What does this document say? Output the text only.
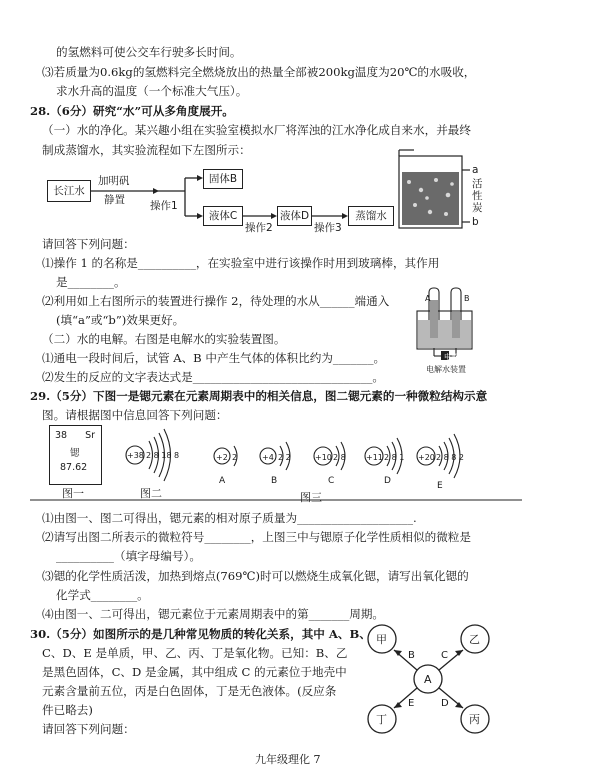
的氢燃料可使公交车行驶多长时间。
⑶若质量为0.6kg的氢燃料完全燃烧放出的热量全部被200kg温度为20℃的水吸收，
求水升高的温度（一个标准大气压）。
28.（6分）研究“水”可从多角度展开。
（一）水的净化。某兴趣小组在实验室模拟水厂将浑浊的江水净化成自来水，并最终
制成蒸馏水，其实验流程如下左图所示：
长江水
加明矾
静置 操作1
固体B
液体C
操作2
液体D
操作3
蒸馏水
a
活
性
炭
b
请回答下列问题：
⑴操作 1 的名称是__________，在实验室中进行该操作时用到玻璃棒，其作用
是________。
⑵利用如上右图所示的装置进行操作 2，待处理的水从______端通入
(填“a”或“b”)效果更好。
（二）水的电解。右图是电解水的实验装置图。
⑴通电一段时间后，试管 A、B 中产生气体的体积比约为_______。
⑵发生的反应的文字表达式是_______________________________。
A	B
电源
电解水装置
29.（5分）下图一是锶元素在元素周期表中的相关信息，图二锶元素的一种微粒结构示意
图。请根据图中信息回答下列问题：
38 Sr
锶
87.62
+38 2 8 18 8	+2 2
A
+4 2 2
B
+10 2 8
C
+11 2 8 1
D
+20 2 8 8 2
E
图一	图二	图三
⑴由图一、图二可得出，锶元素的相对原子质量为____________________.
⑵请写出图二所表示的微粒符号________，上图三中与锶原子化学性质相似的微粒是
__________（填字母编号）。
⑶锶的化学性质活泼，加热到熔点(769℃)时可以燃烧生成氧化锶，请写出氧化锶的
化学式________。
⑷由图一、二可得出，锶元素位于元素周期表中的第_______周期。
30.（5分）如图所示的是几种常见物质的转化关系，其中 A、B、
C、D、E 是单质，甲、乙、丙、丁是氧化物。已知：B、乙
是黑色固体，C、D 是金属，其中组成 C 的元素位于地壳中
元素含量前五位，丙是白色固体，丁是无色液体。(反应条
件已略去)
请回答下列问题：
甲	乙
A
丁	丙
B	C
E	D
九年级理化 7
